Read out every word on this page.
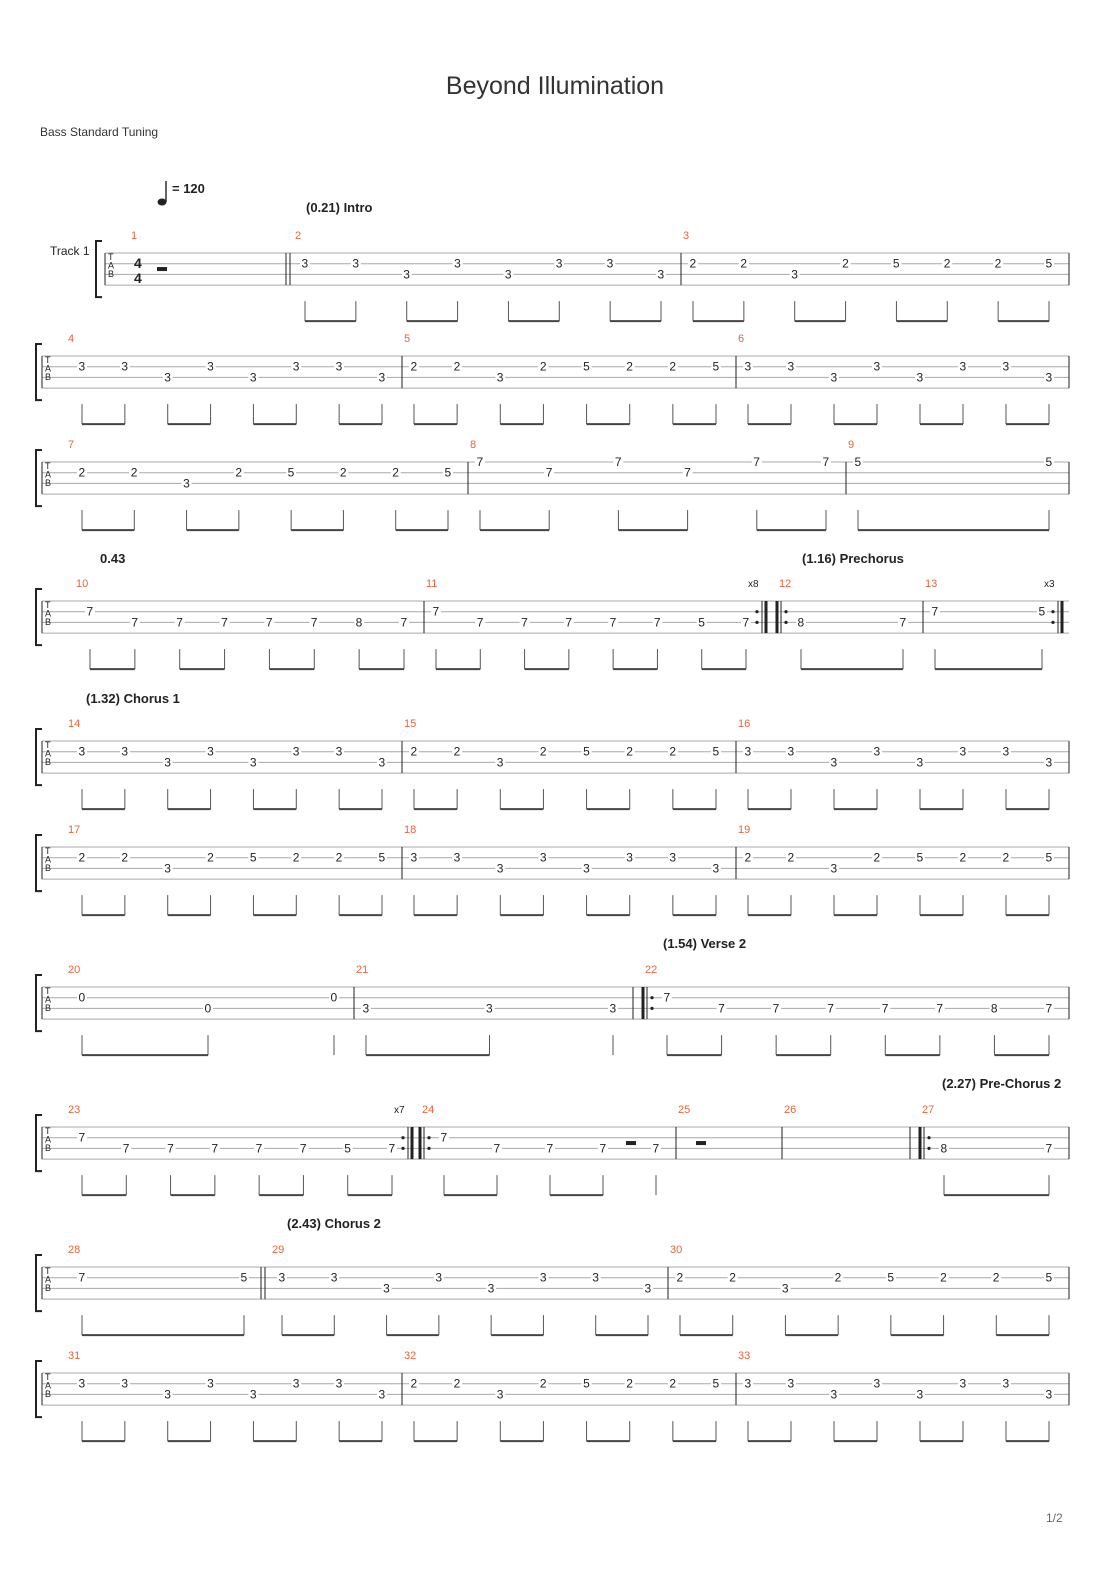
Beyond Illumination
Bass Standard Tuning
1/2
T
A
B
1
4
4
2
3	3
3
3
3
3	3
3
3
2	2
3
2	5	2	2	5
Track 1
T
A
B
4
3	3
3
3
3
3	3
3
5
2	2
3
2	5	2	2	5
6
3	3
3
3
3
3	3
3
T
A
B
7
2	2
3
2	5	2	2	5
8
7
7
7
7
7	7
9
5	5
T
A
B
10
7
7	7	7	7	7	8	7
11	x8
7
7	7	7	7	7	5	7
12
8	7
13	x3
7	5
T
A
B
14
3	3
3
3
3
3	3
3
15
2	2
3
2	5	2	2	5
16
3	3
3
3
3
3	3
3
T
A
B
17
2	2
3
2	5	2	2	5
18
3	3
3
3
3
3	3
3
19
2	2
3
2	5	2	2	5
T
A
B
20
0
0
0
21
3	3	3
22
7
7	7	7	7	7	8	7
T
A
B
23	x7
7
7	7	7	7	7	5	7
24
7
7	7	7	7
25	26	27
8	7
T
A
B
28
7	5
29
3	3
3
3
3
3	3
3
30
2	2
3
2	5	2	2	5
T
A
B
31
3	3
3
3
3
3	3
3
32
2	2
3
2	5	2	2	5
33
3	3
3
3
3
3	3
3
= 120
(0.21) Intro
0.43	(1.16) Prechorus
(1.32) Chorus 1
(1.54) Verse 2
(2.27) Pre-Chorus 2
(2.43) Chorus 2
